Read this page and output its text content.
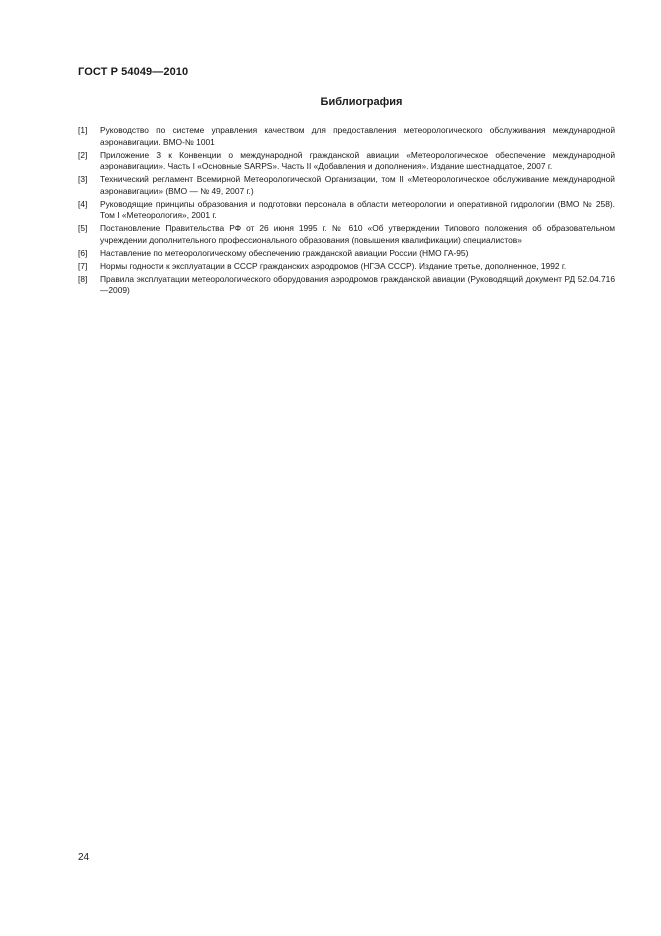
ГОСТ Р 54049—2010
Библиография
[1]	Руководство по системе управления качеством для предоставления метеорологического обслуживания международной аэронавигации. ВМО-№ 1001
[2]	Приложение 3 к Конвенции о международной гражданской авиации «Метеорологическое обеспечение международной аэронавигации». Часть I «Основные SARPS». Часть II «Добавления и дополнения». Издание шестнадцатое, 2007 г.
[3]	Технический регламент Всемирной Метеорологической Организации, том II «Метеорологическое обслуживание международной аэронавигации» (ВМО — № 49, 2007 г.)
[4]	Руководящие принципы образования и подготовки персонала в области метеорологии и оперативной гидрологии (ВМО № 258). Том I «Метеорология», 2001 г.
[5]	Постановление Правительства РФ от 26 июня 1995 г. № 610 «Об утверждении Типового положения об образовательном учреждении дополнительного профессионального образования (повышения квалификации) специалистов»
[6]	Наставление по метеорологическому обеспечению гражданской авиации России (НМО ГА-95)
[7]	Нормы годности к эксплуатации в СССР гражданских аэродромов (НГЭА СССР). Издание третье, дополненное, 1992 г.
[8]	Правила эксплуатации метеорологического оборудования аэродромов гражданской авиации (Руководящий документ РД 52.04.716—2009)
24
